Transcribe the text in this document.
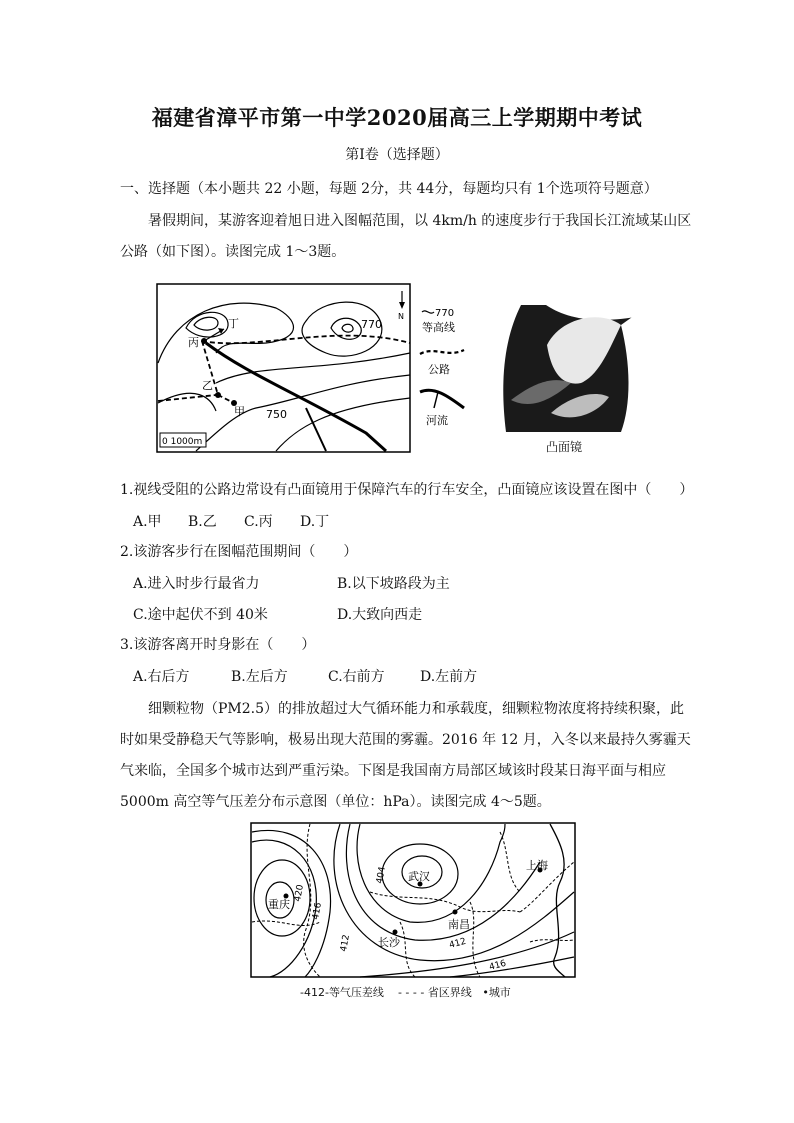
福建省漳平市第一中学2020届高三上学期期中考试
第Ⅰ卷（选择题）
一、选择题（本小题共 22 小题，每题 2分，共 44分，每题均只有 1个选项符号题意）
暑假期间，某游客迎着旭日进入图幅范围，以 4km/h 的速度步行于我国长江流域某山区
公路（如下图）。读图完成 1～3题。
770
750
甲
乙
丙
丁
N
0 1000m
770
等高线
公路
河流
凸面镜
1.视线受阻的公路边常设有凸面镜用于保障汽车的行车安全，凸面镜应该设置在图中（　　）
A.甲 B.乙 C.丙 D.丁
2.该游客步行在图幅范围期间（　　）
A.进入时步行最省力	B.以下坡路段为主
C.途中起伏不到 40米	D.大致向西走
3.该游客离开时身影在（　　）
A.右后方	B.左后方	C.右前方	D.左前方
细颗粒物（PM2.5）的排放超过大气循环能力和承载度，细颗粒物浓度将持续积聚，此
时如果受静稳天气等影响，极易出现大范围的雾霾。2016 年 12 月，入冬以来最持久雾霾天
气来临，全国多个城市达到严重污染。下图是我国南方局部区域该时段某日海平面与相应
5000m 高空等气压差分布示意图（单位：hPa）。读图完成 4～5题。
重庆
武汉
上海
长沙
南昌
404
412	412
416
416
420
-412-等气压差线 - - - - 省区界线 •城市
